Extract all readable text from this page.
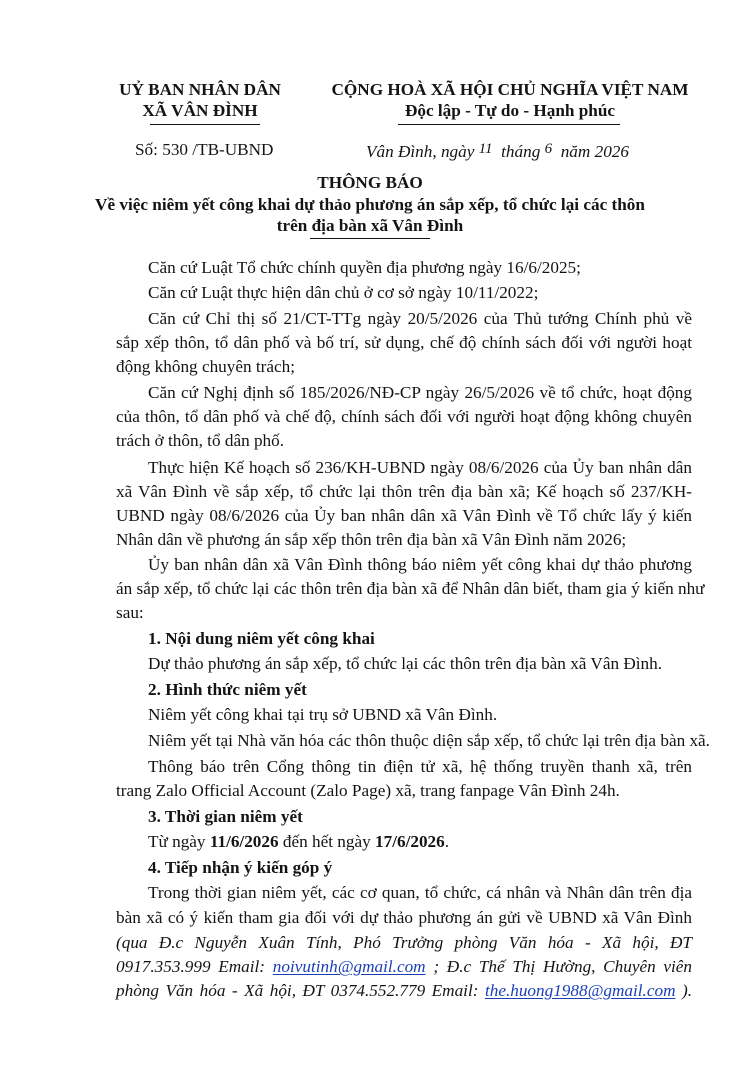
UỶ BAN NHÂN DÂN
XÃ VÂN ĐÌNH
CỘNG HOÀ XÃ HỘI CHỦ NGHĨA VIỆT NAM
Độc lập - Tự do - Hạnh phúc
Số: 530 /TB-UBND	Vân Đình, ngày 11 tháng 6 năm 2026
THÔNG BÁO
Về việc niêm yết công khai dự thảo phương án sắp xếp, tổ chức lại các thôn
trên địa bàn xã Vân Đình
Căn cứ Luật Tổ chức chính quyền địa phương ngày 16/6/2025;
Căn cứ Luật thực hiện dân chủ ở cơ sở ngày 10/11/2022;
Căn cứ Chỉ thị số 21/CT-TTg ngày 20/5/2026 của Thủ tướng Chính phủ về
sắp xếp thôn, tổ dân phố và bố trí, sử dụng, chế độ chính sách đối với người hoạt
động không chuyên trách;
Căn cứ Nghị định số 185/2026/NĐ-CP ngày 26/5/2026 về tổ chức, hoạt động
của thôn, tổ dân phố và chế độ, chính sách đối với người hoạt động không chuyên
trách ở thôn, tổ dân phố.
Thực hiện Kế hoạch số 236/KH-UBND ngày 08/6/2026 của Ủy ban nhân dân
xã Vân Đình về sắp xếp, tổ chức lại thôn trên địa bàn xã; Kế hoạch số 237/KH-
UBND ngày 08/6/2026 của Ủy ban nhân dân xã Vân Đình về Tổ chức lấy ý kiến
Nhân dân về phương án sắp xếp thôn trên địa bàn xã Vân Đình năm 2026;
Ủy ban nhân dân xã Vân Đình thông báo niêm yết công khai dự thảo phương
án sắp xếp, tổ chức lại các thôn trên địa bàn xã để Nhân dân biết, tham gia ý kiến như
sau:
1. Nội dung niêm yết công khai
Dự thảo phương án sắp xếp, tổ chức lại các thôn trên địa bàn xã Vân Đình.
2. Hình thức niêm yết
Niêm yết công khai tại trụ sở UBND xã Vân Đình.
Niêm yết tại Nhà văn hóa các thôn thuộc diện sắp xếp, tổ chức lại trên địa bàn xã.
Thông báo trên Cổng thông tin điện tử xã, hệ thống truyền thanh xã, trên
trang Zalo Official Account (Zalo Page) xã, trang fanpage Vân Đình 24h.
3. Thời gian niêm yết
Từ ngày 11/6/2026 đến hết ngày 17/6/2026.
4. Tiếp nhận ý kiến góp ý
Trong thời gian niêm yết, các cơ quan, tổ chức, cá nhân và Nhân dân trên địa
bàn xã có ý kiến tham gia đối với dự thảo phương án gửi về UBND xã Vân Đình
(qua Đ.c Nguyễn Xuân Tính, Phó Trưởng phòng Văn hóa - Xã hội, ĐT
0917.353.999 Email: noivutinh@gmail.com ; Đ.c Thế Thị Hường, Chuyên viên
phòng Văn hóa - Xã hội, ĐT 0374.552.779 Email: the.huong1988@gmail.com ).
